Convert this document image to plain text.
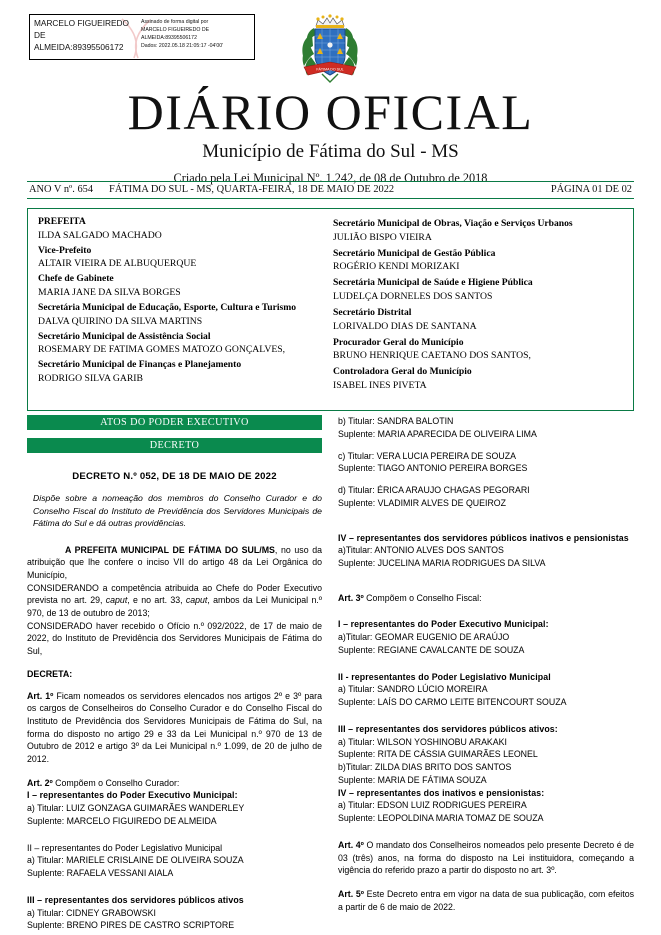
MARCELO FIGUEIREDO
DE
ALMEIDA:89395506172
Assinado de forma digital por
MARCELO FIGUEIREDO DE
ALMEIDA:89395506172
Dados: 2022.05.18 21:05:17 -04'00'
FÁTIMA DO SUL
DIÁRIO OFICIAL
Município de Fátima do Sul - MS
Criado pela Lei Municipal Nº. 1.242, de 08 de Outubro de 2018
ANO V nº. 654 FÁTIMA DO SUL - MS, QUARTA-FEIRA, 18 DE MAIO DE 2022	PÁGINA 01 DE 02

PREFEITA

ILDA SALGADO MACHADO

Vice-Prefeito

ALTAIR VIEIRA DE ALBUQUERQUE

Chefe de Gabinete

MARIA JANE DA SILVA BORGES

Secretária Municipal de Educação, Esporte, Cultura e Turismo

DALVA QUIRINO DA SILVA MARTINS

Secretário Municipal de Assistência Social

ROSEMARY DE FATIMA GOMES MATOZO GONÇALVES,

Secretário Municipal de Finanças e Planejamento

RODRIGO SILVA GARIB

Secretário Municipal de Obras, Viação e Serviços Urbanos

JULIÃO BISPO VIEIRA

Secretário Municipal de Gestão Pública

ROGÉRIO KENDI MORIZAKI

Secretária Municipal de Saúde e Higiene Pública

LUDELÇA DORNELES DOS SANTOS

Secretário Distrital

LORIVALDO DIAS DE SANTANA

Procurador Geral do Município

BRUNO HENRIQUE CAETANO DOS SANTOS,

Controladora Geral do Município

ISABEL INES PIVETA

ATOS DO PODER EXECUTIVO
DECRETO
DECRETO N.º 052, DE 18 DE MAIO DE 2022
Dispõe sobre a nomeação dos membros do Conselho Curador e do Conselho Fiscal do Instituto de Previdência dos Servidores Municipais de Fátima do Sul e dá outras providências.

A PREFEITA MUNICIPAL DE FÁTIMA DO SUL/MS, no uso da atribuição que lhe confere o inciso VII do artigo 48 da Lei Orgânica do Município,

CONSIDERANDO a competência atribuida ao Chefe do Poder Executivo prevista no art. 29, caput, e no art. 33, caput, ambos da Lei Municipal n.º 970, de 13 de outubro de 2013;

CONSIDERADO haver recebido o Ofício n.º 092/2022, de 17 de maio de 2022, do Instituto de Previdência dos Servidores Municipais de Fátima do Sul,

DECRETA:

Art. 1º Ficam nomeados os servidores elencados nos artigos 2º e 3º para os cargos de Conselheiros do Conselho Curador e do Conselho Fiscal do Instituto de Previdência dos Servidores Municipais de Fátima do Sul, na forma do disposto no artigo 29 e 33 da Lei Municipal n.º 970 de 13 de Outubro de 2012 e artigo 3º da Lei Municipal n.º 1.099, de 20 de julho de 2012.

Art. 2º Compõem o Conselho Curador:

I – representantes do Poder Executivo Municipal:

a) Titular: LUIZ GONZAGA GUIMARÃES WANDERLEY

Suplente: MARCELO FIGUIREDO DE ALMEIDA

II – representantes do Poder Legislativo Municipal

a) Titular: MARIELE CRISLAINE DE OLIVEIRA SOUZA

Suplente: RAFAELA VESSANI AIALA

III – representantes dos servidores públicos ativos

a) Titular: CIDNEY GRABOWSKI

Suplente: BRENO PIRES DE CASTRO SCRIPTORE

b) Titular: SANDRA BALOTIN

Suplente: MARIA APARECIDA DE OLIVEIRA LIMA

c) Titular: VERA LUCIA PEREIRA DE SOUZA

Suplente: TIAGO ANTONIO PEREIRA BORGES

d) Titular: ÉRICA ARAUJO CHAGAS PEGORARI

Suplente: VLADIMIR ALVES DE QUEIROZ

IV – representantes dos servidores públicos inativos e pensionistas

a)Titular: ANTONIO ALVES DOS SANTOS

Suplente: JUCELINA MARIA RODRIGUES DA SILVA

Art. 3º Compõem o Conselho Fiscal:

I – representantes do Poder Executivo Municipal:

a)Titular: GEOMAR EUGENIO DE ARAÚJO

Suplente: REGIANE CAVALCANTE DE SOUZA

II - representantes do Poder Legislativo Municipal

a) Titular: SANDRO LÚCIO MOREIRA

Suplente: LAÍS DO CARMO LEITE BITENCOURT SOUZA

III – representantes dos servidores públicos ativos:

a) Titular: WILSON YOSHINOBU ARAKAKI

Suplente: RITA DE CÁSSIA GUIMARÃES LEONEL

b)Titular: ZILDA DIAS BRITO DOS SANTOS

Suplente: MARIA DE FÁTIMA SOUZA

IV – representantes dos inativos e pensionistas:

a) Titular: EDSON LUIZ RODRIGUES PEREIRA

Suplente: LEOPOLDINA MARIA TOMAZ DE SOUZA

Art. 4º O mandato dos Conselheiros nomeados pelo presente Decreto é de 03 (três) anos, na forma do disposto na Lei instituidora, começando a vigência do referido prazo a partir do disposto no art. 3º.

Art. 5º Este Decreto entra em vigor na data de sua publicação, com efeitos a partir de 6 de maio de 2022.
